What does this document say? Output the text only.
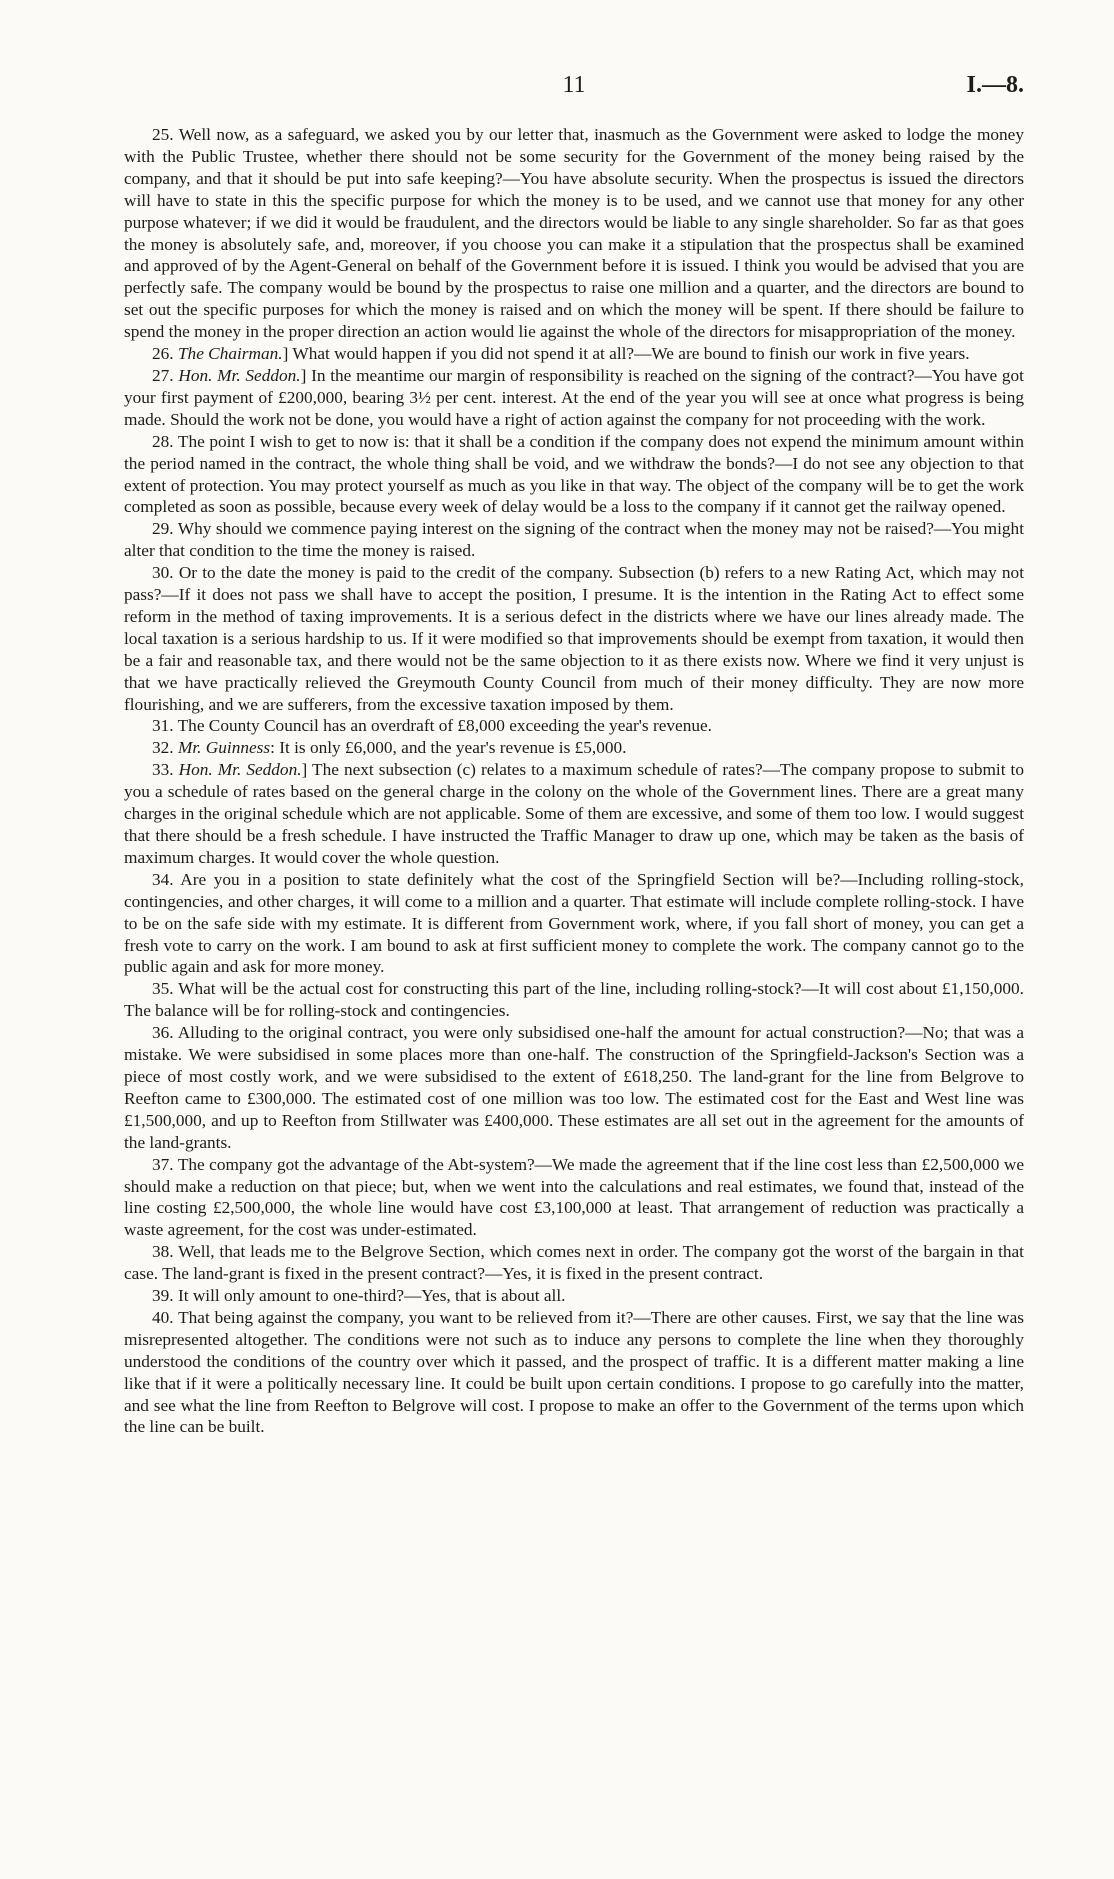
11	I.—8.

25. Well now, as a safeguard, we asked you by our letter that, inasmuch as the Government were asked to lodge the money with the Public Trustee, whether there should not be some security for the Government of the money being raised by the company, and that it should be put into safe keeping?—You have absolute security. When the prospectus is issued the directors will have to state in this the specific purpose for which the money is to be used, and we cannot use that money for any other purpose whatever; if we did it would be fraudulent, and the directors would be liable to any single shareholder. So far as that goes the money is absolutely safe, and, moreover, if you choose you can make it a stipulation that the prospectus shall be examined and approved of by the Agent-General on behalf of the Government before it is issued. I think you would be advised that you are perfectly safe. The company would be bound by the prospectus to raise one million and a quarter, and the directors are bound to set out the specific purposes for which the money is raised and on which the money will be spent. If there should be failure to spend the money in the proper direction an action would lie against the whole of the directors for misappropriation of the money.

26. The Chairman.] What would happen if you did not spend it at all?—We are bound to finish our work in five years.

27. Hon. Mr. Seddon.] In the meantime our margin of responsibility is reached on the signing of the contract?—You have got your first payment of £200,000, bearing 3½ per cent. interest. At the end of the year you will see at once what progress is being made. Should the work not be done, you would have a right of action against the company for not proceeding with the work.

28. The point I wish to get to now is: that it shall be a condition if the company does not expend the minimum amount within the period named in the contract, the whole thing shall be void, and we withdraw the bonds?—I do not see any objection to that extent of protection. You may protect yourself as much as you like in that way. The object of the company will be to get the work completed as soon as possible, because every week of delay would be a loss to the company if it cannot get the railway opened.

29. Why should we commence paying interest on the signing of the contract when the money may not be raised?—You might alter that condition to the time the money is raised.

30. Or to the date the money is paid to the credit of the company. Subsection (b) refers to a new Rating Act, which may not pass?—If it does not pass we shall have to accept the position, I presume. It is the intention in the Rating Act to effect some reform in the method of taxing improvements. It is a serious defect in the districts where we have our lines already made. The local taxation is a serious hardship to us. If it were modified so that improvements should be exempt from taxation, it would then be a fair and reasonable tax, and there would not be the same objection to it as there exists now. Where we find it very unjust is that we have practically relieved the Greymouth County Council from much of their money difficulty. They are now more flourishing, and we are sufferers, from the excessive taxation imposed by them.

31. The County Council has an overdraft of £8,000 exceeding the year's revenue.

32. Mr. Guinness: It is only £6,000, and the year's revenue is £5,000.

33. Hon. Mr. Seddon.] The next subsection (c) relates to a maximum schedule of rates?—The company propose to submit to you a schedule of rates based on the general charge in the colony on the whole of the Government lines. There are a great many charges in the original schedule which are not applicable. Some of them are excessive, and some of them too low. I would suggest that there should be a fresh schedule. I have instructed the Traffic Manager to draw up one, which may be taken as the basis of maximum charges. It would cover the whole question.

34. Are you in a position to state definitely what the cost of the Springfield Section will be?—Including rolling-stock, contingencies, and other charges, it will come to a million and a quarter. That estimate will include complete rolling-stock. I have to be on the safe side with my estimate. It is different from Government work, where, if you fall short of money, you can get a fresh vote to carry on the work. I am bound to ask at first sufficient money to complete the work. The company cannot go to the public again and ask for more money.

35. What will be the actual cost for constructing this part of the line, including rolling-stock?—It will cost about £1,150,000. The balance will be for rolling-stock and contingencies.

36. Alluding to the original contract, you were only subsidised one-half the amount for actual construction?—No; that was a mistake. We were subsidised in some places more than one-half. The construction of the Springfield-Jackson's Section was a piece of most costly work, and we were subsidised to the extent of £618,250. The land-grant for the line from Belgrove to Reefton came to £300,000. The estimated cost of one million was too low. The estimated cost for the East and West line was £1,500,000, and up to Reefton from Stillwater was £400,000. These estimates are all set out in the agreement for the amounts of the land-grants.

37. The company got the advantage of the Abt-system?—We made the agreement that if the line cost less than £2,500,000 we should make a reduction on that piece; but, when we went into the calculations and real estimates, we found that, instead of the line costing £2,500,000, the whole line would have cost £3,100,000 at least. That arrangement of reduction was practically a waste agreement, for the cost was under-estimated.

38. Well, that leads me to the Belgrove Section, which comes next in order. The company got the worst of the bargain in that case. The land-grant is fixed in the present contract?—Yes, it is fixed in the present contract.

39. It will only amount to one-third?—Yes, that is about all.

40. That being against the company, you want to be relieved from it?—There are other causes. First, we say that the line was misrepresented altogether. The conditions were not such as to induce any persons to complete the line when they thoroughly understood the conditions of the country over which it passed, and the prospect of traffic. It is a different matter making a line like that if it were a politically necessary line. It could be built upon certain conditions. I propose to go carefully into the matter, and see what the line from Reefton to Belgrove will cost. I propose to make an offer to the Government of the terms upon which the line can be built.
